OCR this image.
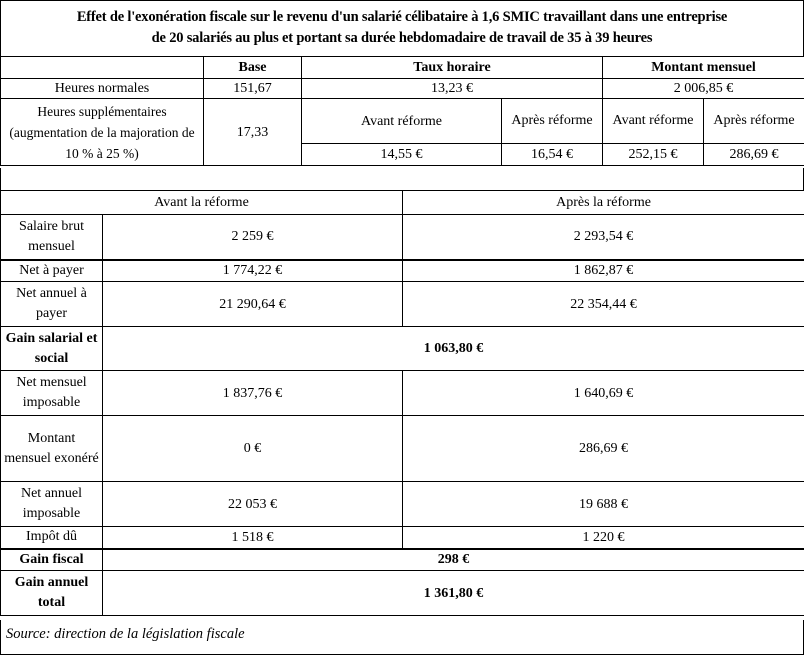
Effet de l'exonération fiscale sur le revenu d'un salarié célibataire à 1,6 SMIC travaillant dans une entreprise
de 20 salariés au plus et portant sa durée hebdomadaire de travail de 35 à 39 heures
	Base	Taux horaire		Montant mensuel	
Heures normales	151,67	13,23 €		2 006,85 €	
Heures supplémentaires (augmentation de la majoration de 10 % à 25 %)	17,33	Avant réforme	Après réforme	Avant réforme	Après réforme
		14,55 €	16,54 €	252,15 €	286,69 €
Avant la réforme		Après la réforme
Salaire brut mensuel	2 259 €	2 293,54 €
Net à payer	1 774,22 €	1 862,87 €
Net annuel à payer	21 290,64 €	22 354,44 €
Gain salarial et social	1 063,80 €	
Net mensuel imposable	1 837,76 €	1 640,69 €
Montant mensuel exonéré	0 €	286,69 €
Net annuel imposable	22 053 €	19 688 €
Impôt dû	1 518 €	1 220 €
Gain fiscal	298 €	
Gain annuel total	1 361,80 €	
Source: direction de la législation fiscale
